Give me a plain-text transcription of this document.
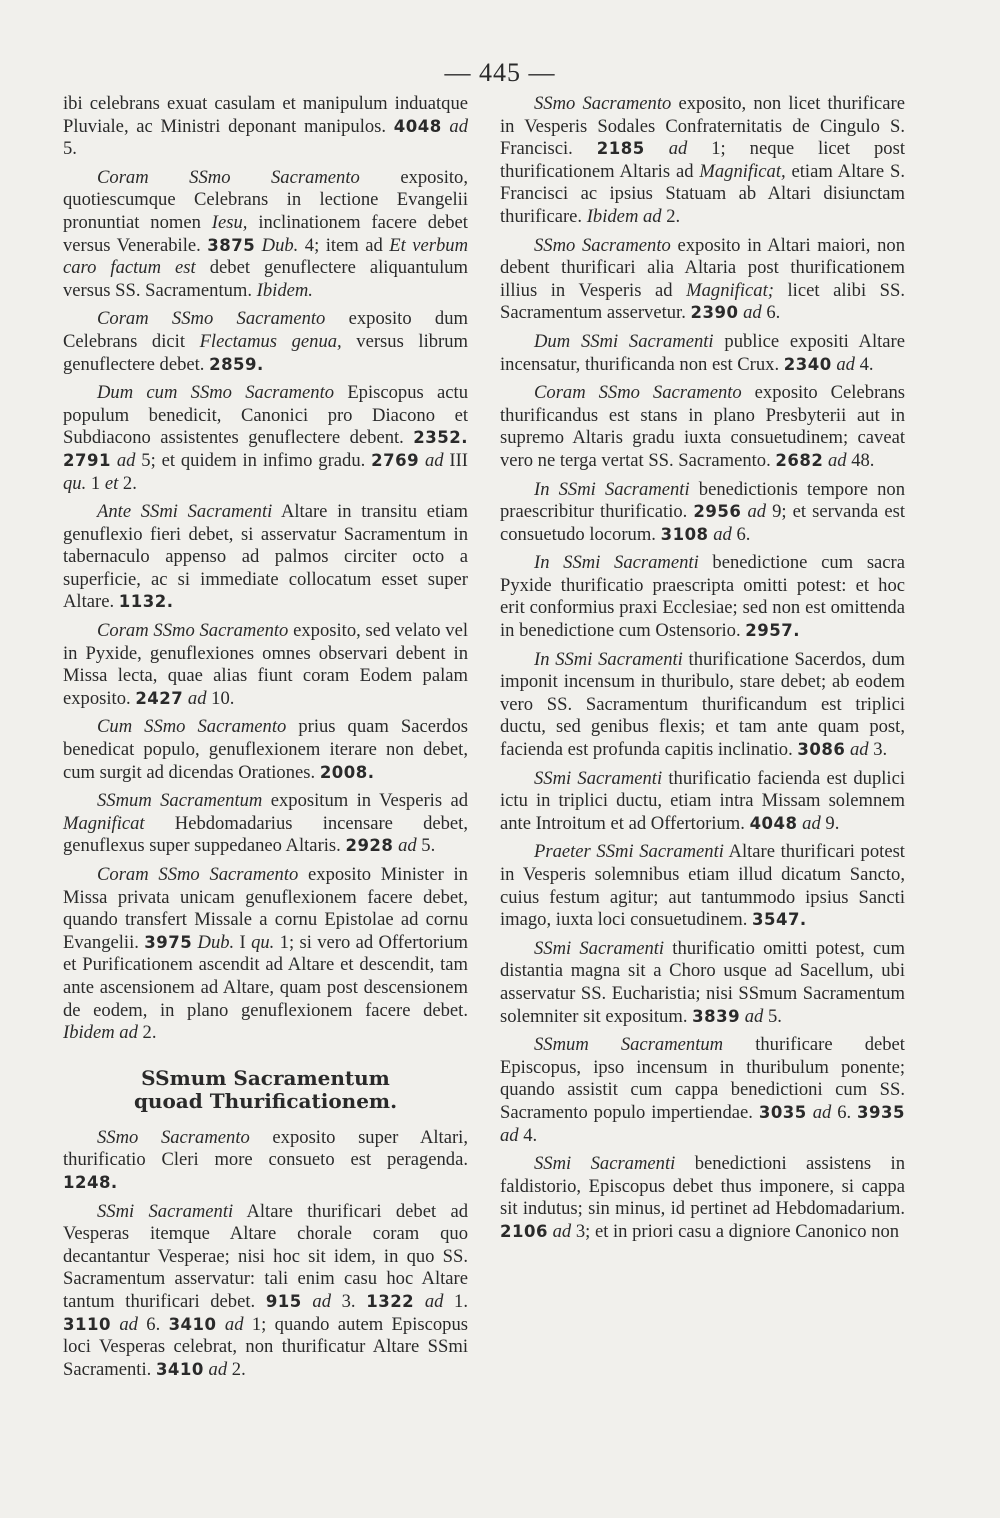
— 445 —

ibi celebrans exuat casulam et manipulum induatque Pluviale, ac Ministri deponant manipulos. 4048 ad 5.

Coram SSmo Sacramento exposito, quotiescumque Celebrans in lectione Evangelii pronuntiat nomen Iesu, inclinationem facere debet versus Venerabile. 3875 Dub. 4; item ad Et verbum caro factum est debet genuflectere aliquantulum versus SS. Sacramentum. Ibidem.

Coram SSmo Sacramento exposito dum Celebrans dicit Flectamus genua, versus librum genuflectere debet. 2859.

Dum cum SSmo Sacramento Episcopus actu populum benedicit, Canonici pro Diacono et Subdiacono assistentes genuflectere debent. 2352. 2791 ad 5; et quidem in infimo gradu. 2769 ad III qu. 1 et 2.

Ante SSmi Sacramenti Altare in transitu etiam genuflexio fieri debet, si asservatur Sacramentum in tabernaculo appenso ad palmos circiter octo a superficie, ac si immediate collocatum esset super Altare. 1132.

Coram SSmo Sacramento exposito, sed velato vel in Pyxide, genuflexiones omnes observari debent in Missa lecta, quae alias fiunt coram Eodem palam exposito. 2427 ad 10.

Cum SSmo Sacramento prius quam Sacerdos benedicat populo, genuflexionem iterare non debet, cum surgit ad dicendas Orationes. 2008.

SSmum Sacramentum expositum in Vesperis ad Magnificat Hebdomadarius incensare debet, genuflexus super suppedaneo Altaris. 2928 ad 5.

Coram SSmo Sacramento exposito Minister in Missa privata unicam genuflexionem facere debet, quando transfert Missale a cornu Epistolae ad cornu Evangelii. 3975 Dub. I qu. 1; si vero ad Offertorium et Purificationem ascendit ad Altare et descendit, tam ante ascensionem ad Altare, quam post descensionem de eodem, in plano genuflexionem facere debet. Ibidem ad 2.

SSmum Sacramentum
quoad Thurificationem.

SSmo Sacramento exposito super Altari, thurificatio Cleri more consueto est peragenda. 1248.

SSmi Sacramenti Altare thurificari debet ad Vesperas itemque Altare chorale coram quo decantantur Vesperae; nisi hoc sit idem, in quo SS. Sacramentum asservatur: tali enim casu hoc Altare tantum thurificari debet. 915 ad 3. 1322 ad 1. 3110 ad 6. 3410 ad 1; quando autem Episcopus loci Vesperas celebrat, non thurificatur Altare SSmi Sacramenti. 3410 ad 2.

SSmo Sacramento exposito, non licet thurificare in Vesperis Sodales Confraternitatis de Cingulo S. Francisci. 2185 ad 1; neque licet post thurificationem Altaris ad Magnificat, etiam Altare S. Francisci ac ipsius Statuam ab Altari disiunctam thurificare. Ibidem ad 2.

SSmo Sacramento exposito in Altari maiori, non debent thurificari alia Altaria post thurificationem illius in Vesperis ad Magnificat; licet alibi SS. Sacramentum asservetur. 2390 ad 6.

Dum SSmi Sacramenti publice expositi Altare incensatur, thurificanda non est Crux. 2340 ad 4.

Coram SSmo Sacramento exposito Celebrans thurificandus est stans in plano Presbyterii aut in supremo Altaris gradu iuxta consuetudinem; caveat vero ne terga vertat SS. Sacramento. 2682 ad 48.

In SSmi Sacramenti benedictionis tempore non praescribitur thurificatio. 2956 ad 9; et servanda est consuetudo locorum. 3108 ad 6.

In SSmi Sacramenti benedictione cum sacra Pyxide thurificatio praescripta omitti potest: et hoc erit conformius praxi Ecclesiae; sed non est omittenda in benedictione cum Ostensorio. 2957.

In SSmi Sacramenti thurificatione Sacerdos, dum imponit incensum in thuribulo, stare debet; ab eodem vero SS. Sacramentum thurificandum est triplici ductu, sed genibus flexis; et tam ante quam post, facienda est profunda capitis inclinatio. 3086 ad 3.

SSmi Sacramenti thurificatio facienda est duplici ictu in triplici ductu, etiam intra Missam solemnem ante Introitum et ad Offertorium. 4048 ad 9.

Praeter SSmi Sacramenti Altare thurificari potest in Vesperis solemnibus etiam illud dicatum Sancto, cuius festum agitur; aut tantummodo ipsius Sancti imago, iuxta loci consuetudinem. 3547.

SSmi Sacramenti thurificatio omitti potest, cum distantia magna sit a Choro usque ad Sacellum, ubi asservatur SS. Eucharistia; nisi SSmum Sacramentum solemniter sit expositum. 3839 ad 5.

SSmum Sacramentum thurificare debet Episcopus, ipso incensum in thuribulum ponente; quando assistit cum cappa benedictioni cum SS. Sacramento populo impertiendae. 3035 ad 6. 3935 ad 4.

SSmi Sacramenti benedictioni assistens in faldistorio, Episcopus debet thus imponere, si cappa sit indutus; sin minus, id pertinet ad Hebdomadarium. 2106 ad 3; et in priori casu a digniore Canonico non
